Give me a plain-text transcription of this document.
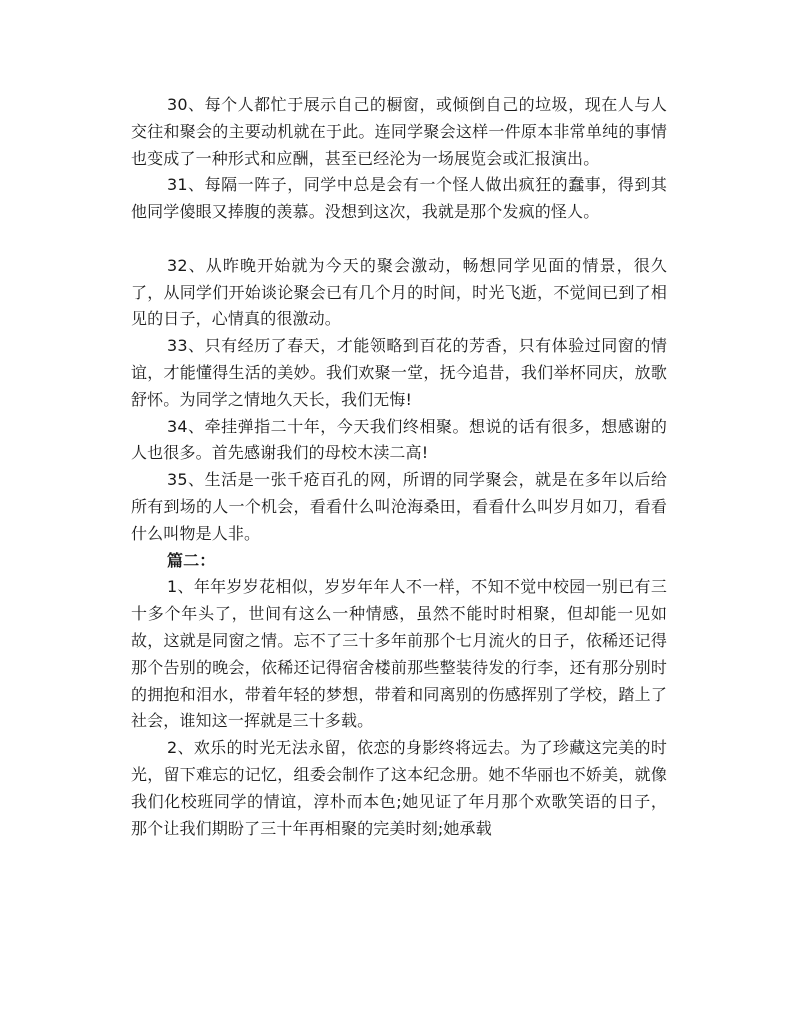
30、每个人都忙于展示自己的橱窗，或倾倒自己的垃圾，现在人与人交往和聚会的主要动机就在于此。连同学聚会这样一件原本非常单纯的事情也变成了一种形式和应酬，甚至已经沦为一场展览会或汇报演出。

31、每隔一阵子，同学中总是会有一个怪人做出疯狂的蠢事，得到其他同学傻眼又捧腹的羡慕。没想到这次，我就是那个发疯的怪人。

32、从昨晚开始就为今天的聚会激动，畅想同学见面的情景，很久了，从同学们开始谈论聚会已有几个月的时间，时光飞逝，不觉间已到了相见的日子，心情真的很激动。

33、只有经历了春天，才能领略到百花的芳香，只有体验过同窗的情谊，才能懂得生活的美妙。我们欢聚一堂，抚今追昔，我们举杯同庆，放歌舒怀。为同学之情地久天长，我们无悔!

34、牵挂弹指二十年，今天我们终相聚。想说的话有很多，想感谢的人也很多。首先感谢我们的母校木渎二高!

35、生活是一张千疮百孔的网，所谓的同学聚会，就是在多年以后给所有到场的人一个机会，看看什么叫沧海桑田，看看什么叫岁月如刀，看看什么叫物是人非。

篇二：

1、年年岁岁花相似，岁岁年年人不一样，不知不觉中校园一别已有三十多个年头了，世间有这么一种情感，虽然不能时时相聚，但却能一见如故，这就是同窗之情。忘不了三十多年前那个七月流火的日子，依稀还记得那个告别的晚会，依稀还记得宿舍楼前那些整装待发的行李，还有那分别时的拥抱和泪水，带着年轻的梦想，带着和同离别的伤感挥别了学校，踏上了社会，谁知这一挥就是三十多载。

2、欢乐的时光无法永留，依恋的身影终将远去。为了珍藏这完美的时光，留下难忘的记忆，组委会制作了这本纪念册。她不华丽也不娇美，就像我们化校班同学的情谊，淳朴而本色;她见证了年月那个欢歌笑语的日子，那个让我们期盼了三十年再相聚的完美时刻;她承载
